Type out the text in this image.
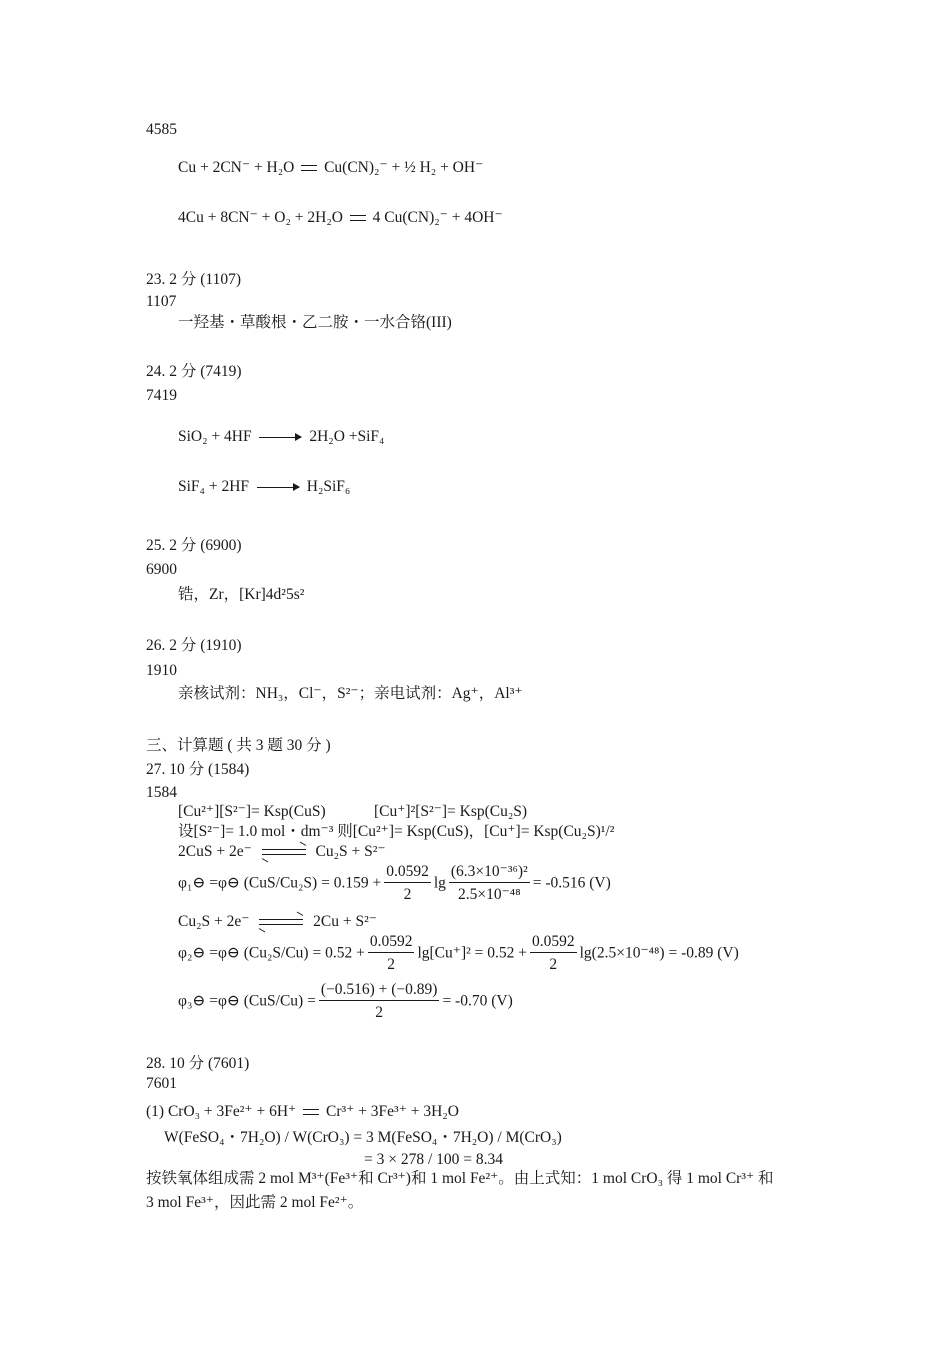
4585
Cu + 2CN⁻ + H₂O Cu(CN)₂⁻ + ½ H₂ + OH⁻
4Cu + 8CN⁻ + O₂ + 2H₂O 4 Cu(CN)₂⁻ + 4OH⁻
23. 2 分 (1107)
1107
一羟基・草酸根・乙二胺・一水合铬(III)
24. 2 分 (7419)
7419
SiO₂ + 4HF → 2H₂O +SiF₄
SiF₄ + 2HF → H₂SiF₆
25. 2 分 (6900)
6900
锆，Zr，[Kr]4d²5s²
26. 2 分 (1910)
1910
亲核试剂：NH₃，Cl⁻，S²⁻；亲电试剂：Ag⁺，Al³⁺
三、计算题 ( 共 3 题 30 分 )
27. 10 分 (1584)
1584
[Cu²⁺][S²⁻]= Ksp(CuS)	[Cu⁺]²[S²⁻]= Ksp(Cu₂S)
设[S²⁻]= 1.0 mol・dm⁻³ 则[Cu²⁺]= Ksp(CuS)，[Cu⁺]= Ksp(Cu₂S)¹/²
2CuS + 2e⁻	Cu₂S + S²⁻
φ₁⊖ =φ⊖ $(CuS/Cu_2S) = 0.159 + \frac{0.0592}{2}$ $\lg \frac{\text{(6.3×10⁻³⁶)²}}{\text{2.5×10⁻⁴⁸}} = -0.516$ (V)
Cu₂S + 2e⁻	2Cu + S²⁻
φ₂⊖ =φ⊖ $(Cu_2S/Cu) = 0.52 + \frac{0.0592}{2} \lg[Cu^+]^2 = 0.52 + \frac{0.0592}{2} \lg(2.5\times 10^{-48}) = -0.89$ (V)
φ₃⊖ =φ⊖ $(CuS/Cu) = \frac{(-0.516) + (-0.89)}{2} = -0.70$ (V)
28. 10 分 (7601)
7601
(1) CrO₃ + 3Fe²⁺ + 6H⁺ Cr³⁺ + 3Fe³⁺ + 3H₂O
W(FeSO₄・7H₂O) / W(CrO₃) = 3 M(FeSO₄・7H₂O) / M(CrO₃)
= 3 × 278 / 100 = 8.34
按铁氧体组成需 2 mol M³⁺(Fe³⁺和 Cr³⁺)和 1 mol Fe²⁺。由上式知：1 mol CrO₃ 得 1 mol Cr³⁺ 和
3 mol Fe³⁺，因此需 2 mol Fe²⁺。
